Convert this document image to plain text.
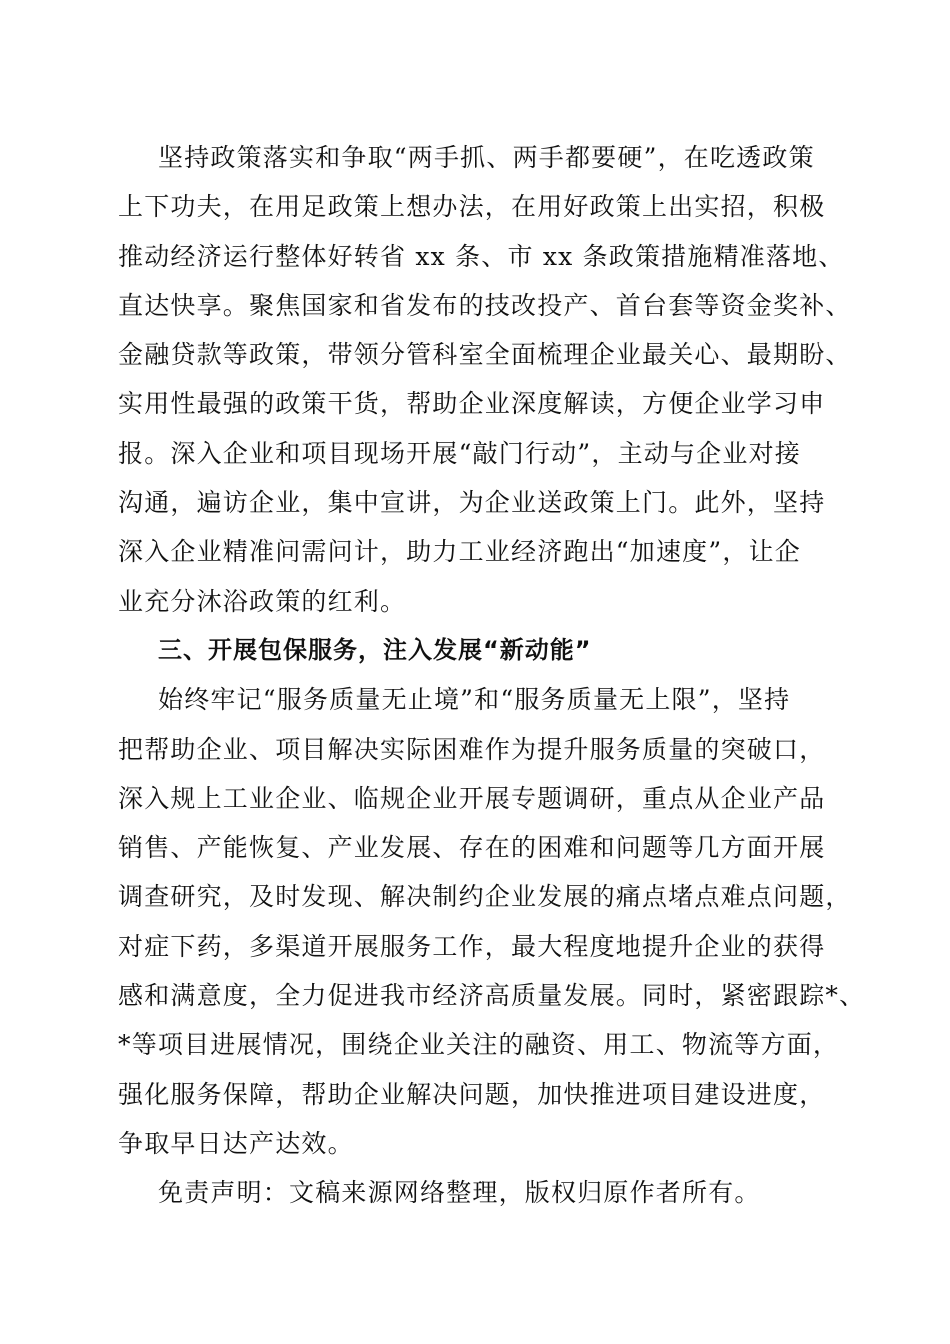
坚持政策落实和争取“两手抓、两手都要硬”，在吃透政策
上下功夫，在用足政策上想办法，在用好政策上出实招，积极
推动经济运行整体好转省 xx 条、市 xx 条政策措施精准落地、
直达快享。聚焦国家和省发布的技改投产、首台套等资金奖补、
金融贷款等政策，带领分管科室全面梳理企业最关心、最期盼、
实用性最强的政策干货，帮助企业深度解读，方便企业学习申
报。深入企业和项目现场开展“敲门行动”，主动与企业对接
沟通，遍访企业，集中宣讲，为企业送政策上门。此外，坚持
深入企业精准问需问计，助力工业经济跑出“加速度”，让企
业充分沐浴政策的红利。
三、开展包保服务，注入发展“新动能”
始终牢记“服务质量无止境”和“服务质量无上限”，坚持
把帮助企业、项目解决实际困难作为提升服务质量的突破口，
深入规上工业企业、临规企业开展专题调研，重点从企业产品
销售、产能恢复、产业发展、存在的困难和问题等几方面开展
调查研究，及时发现、解决制约企业发展的痛点堵点难点问题，
对症下药，多渠道开展服务工作，最大程度地提升企业的获得
感和满意度，全力促进我市经济高质量发展。同时，紧密跟踪*、
*等项目进展情况，围绕企业关注的融资、用工、物流等方面，
强化服务保障，帮助企业解决问题，加快推进项目建设进度，
争取早日达产达效。
免责声明：文稿来源网络整理，版权归原作者所有。
